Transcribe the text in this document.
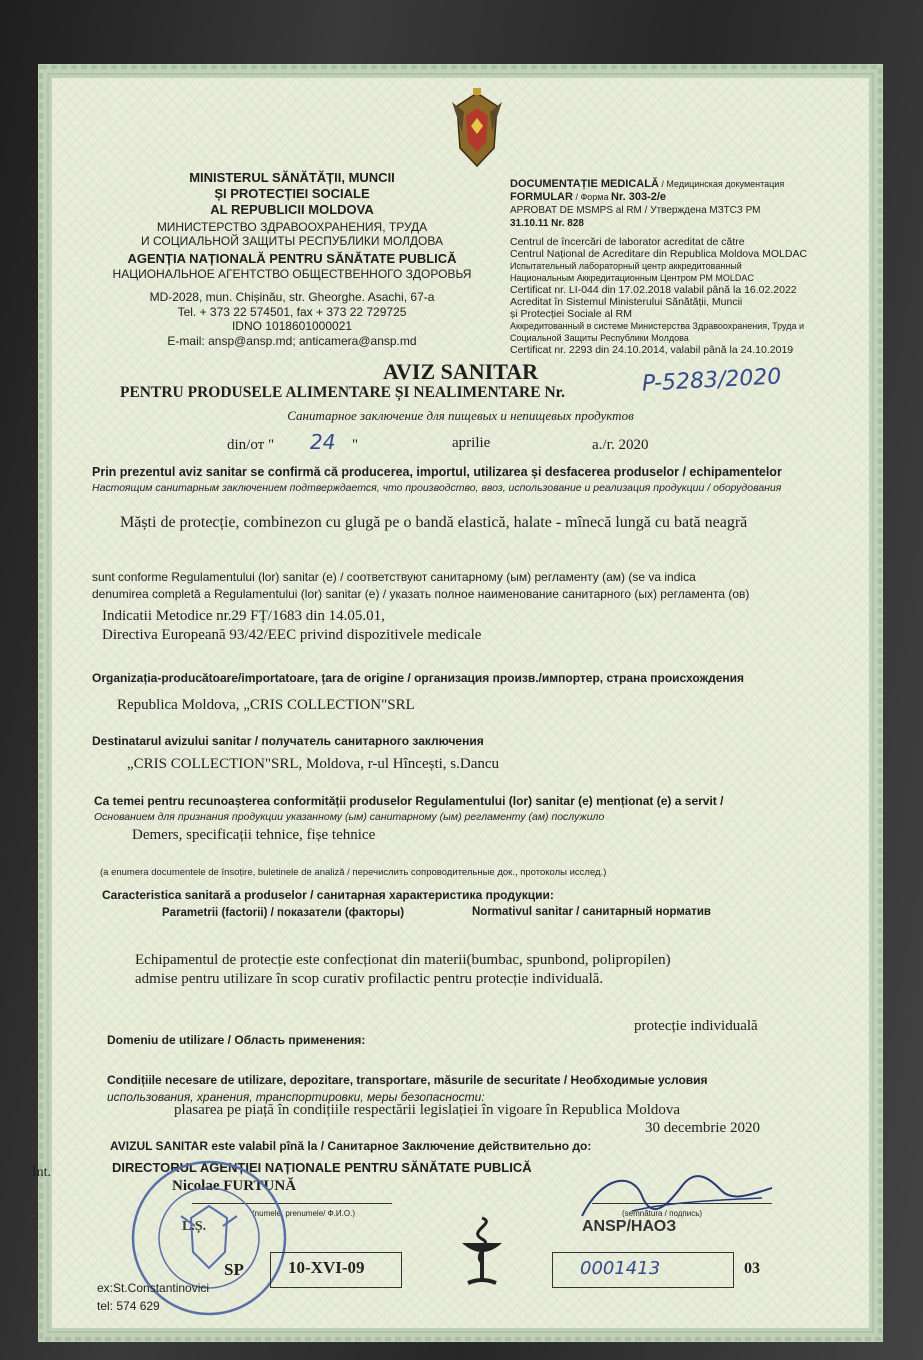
MINISTERUL SĂNĂTĂȚII, MUNCII
ȘI PROTECȚIEI SOCIALE
AL REPUBLICII MOLDOVA
МИНИСТЕРСТВО ЗДРАВООХРАНЕНИЯ, ТРУДА
И СОЦИАЛЬНОЙ ЗАЩИТЫ РЕСПУБЛИКИ МОЛДОВА
AGENȚIA NAȚIONALĂ PENTRU SĂNĂTATE PUBLICĂ
НАЦИОНАЛЬНОЕ АГЕНТСТВО ОБЩЕСТВЕННОГО ЗДОРОВЬЯ
MD-2028, mun. Chișinău, str. Gheorghe. Asachi, 67-a
Tel. + 373 22 574501, fax + 373 22 729725
IDNO 1018601000021
E-mail: ansp@ansp.md; anticamera@ansp.md
DOCUMENTAȚIE MEDICALĂ / Медицинская документация
FORMULAR / Форма Nr. 303-2/e
APROBAT DE MSMPS al RM / Утверждена МЗТСЗ РМ
31.10.11 Nr. 828
Centrul de încercări de laborator acreditat de către
Centrul Național de Acreditare din Republica Moldova MOLDAC
Испытательный лабораторный центр аккредитованный
Национальным Аккредитационным Центром РМ MOLDAC
Certificat nr. LI-044 din 17.02.2018 valabil până la 16.02.2022
Acreditat în Sistemul Ministerului Sănătății, Muncii
și Protecției Sociale al RM
Аккредитованный в системе Министерства Здравоохранения, Труда и
Социальной Защиты Республики Молдова
Certificat nr. 2293 din 24.10.2014, valabil până la 24.10.2019
AVIZ SANITAR
PENTRU PRODUSELE ALIMENTARE ȘI NEALIMENTARE Nr.	P-5283/2020
Санитарное заключение для пищевых и непищевых продуктов
din/от " 24 "	aprilie	a./г. 2020
Prin prezentul aviz sanitar se confirmă că producerea, importul, utilizarea și desfacerea produselor / echipamentelor
Настоящим санитарным заключением подтверждается, что производство, ввоз, использование и реализация продукции / оборудования
Măști de protecție, combinezon cu glugă pe o bandă elastică, halate - mînecă lungă cu bată neagră
sunt conforme Regulamentului (lor) sanitar (e) / соответствуют санитарному (ым) регламенту (ам) (se va indica
denumirea completă a Regulamentului (lor) sanitar (e) / указать полное наименование санитарного (ых) регламента (ов)
Indicatii Metodice nr.29 FȚ/1683 din 14.05.01,
Directiva Europeană 93/42/EEC privind dispozitivele medicale
Organizația-producătoare/importatoare, țara de origine / организация произв./импортер, страна происхождения
Republica Moldova, „CRIS COLLECTION"SRL
Destinatarul avizului sanitar / получатель санитарного заключения
„CRIS COLLECTION"SRL, Moldova, r-ul Hîncești, s.Dancu
Ca temei pentru recunoașterea conformității produselor Regulamentului (lor) sanitar (e) menționat (e) a servit /
Основанием для признания продукции указанному (ым) санитарному (ым) регламенту (ам) послужило
Demers, specificații tehnice, fișe tehnice
(a enumera documentele de însoțire, buletinele de analiză / перечислить сопроводительные док., протоколы исслед.)
Caracteristica sanitară a produselor / санитарная характеристика продукции:
Parametrii (factorii) / показатели (факторы)	Normativul sanitar / санитарный норматив
Echipamentul de protecție este confecționat din materii(bumbac, spunbond, polipropilen)
admise pentru utilizare în scop curativ profilactic pentru protecție individuală.
Domeniu de utilizare / Область применения:
protecție individuală
Condițiile necesare de utilizare, depozitare, transportare, măsurile de securitate / Необходимые условия
использования, хранения, транспортировки, меры безопасности:
plasarea pe piață în condițiile respectării legislației în vigoare în Republica Moldova
30 decembrie 2020
AVIZUL SANITAR este valabil pînă la / Санитарное Заключение действительно до:
Int.	DIRECTORUL AGENȚIEI NAȚIONALE PENTRU SĂNĂTATE PUBLICĂ
Nicolae FURTUNĂ
(numele, prenumele/ Ф.И.О.)	(semnătura / подпись)
ANSP/НАОЗ
L.Ș.
SP	10-XVI-09	0001413	03
ex:St.Constantinovici
tel: 574 629
